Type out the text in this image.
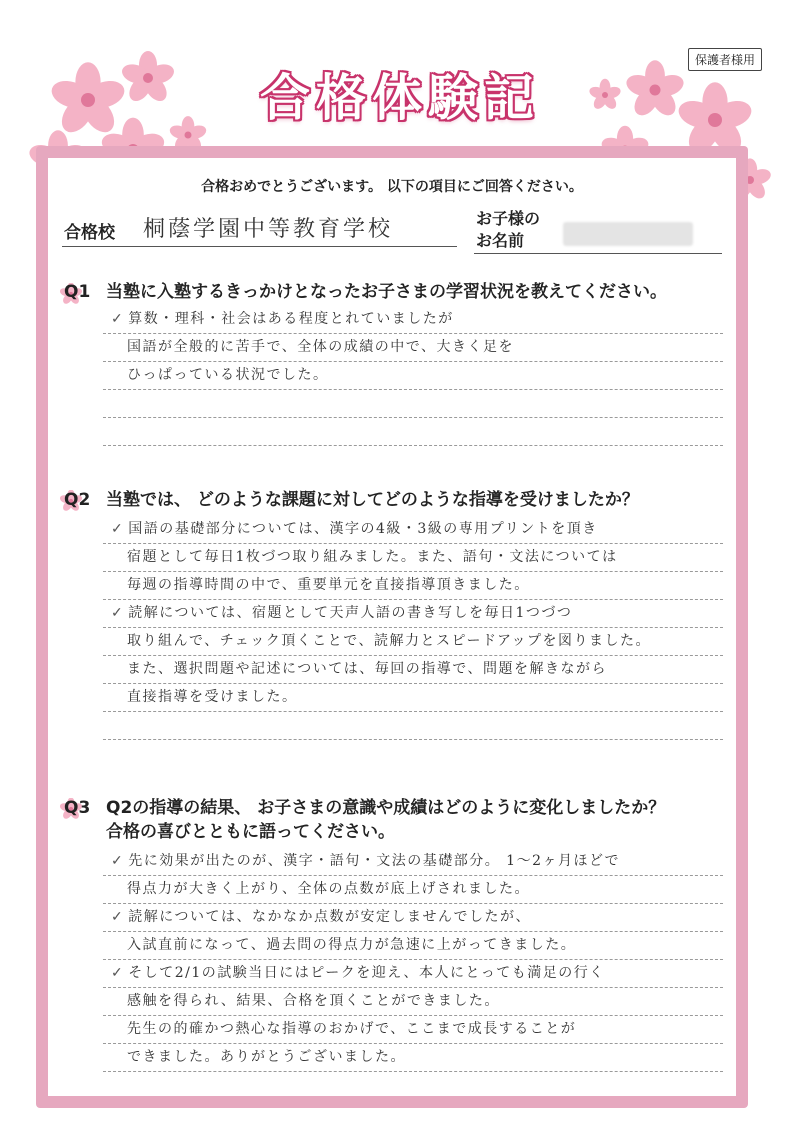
保護者様用
合格体験記
合格おめでとうございます。 以下の項目にご回答ください。
合格校 桐蔭学園中等教育学校	お子様の
お名前
Q1 当塾に入塾するきっかけとなったお子さまの学習状況を教えてください。
✓ 算数・理科・社会はある程度とれていましたが
国語が全般的に苦手で、全体の成績の中で、大きく足を
ひっぱっている状況でした。
Q2 当塾では、 どのような課題に対してどのような指導を受けましたか？
✓ 国語の基礎部分については、漢字の4級・3級の専用プリントを頂き
宿題として毎日1枚づつ取り組みました。また、語句・文法については
毎週の指導時間の中で、重要単元を直接指導頂きました。
✓ 読解については、宿題として天声人語の書き写しを毎日1つづつ
取り組んで、チェック頂くことで、読解力とスピードアップを図りました。
また、選択問題や記述については、毎回の指導で、問題を解きながら
直接指導を受けました。
Q3 Q2の指導の結果、 お子さまの意識や成績はどのように変化しましたか？
合格の喜びとともに語ってください。
✓ 先に効果が出たのが、漢字・語句・文法の基礎部分。 1〜2ヶ月ほどで
得点力が大きく上がり、全体の点数が底上げされました。
✓ 読解については、なかなか点数が安定しませんでしたが、
入試直前になって、過去問の得点力が急速に上がってきました。
✓ そして2/1の試験当日にはピークを迎え、本人にとっても満足の行く
感触を得られ、結果、合格を頂くことができました。
先生の的確かつ熱心な指導のおかげで、ここまで成長することが
できました。ありがとうございました。
